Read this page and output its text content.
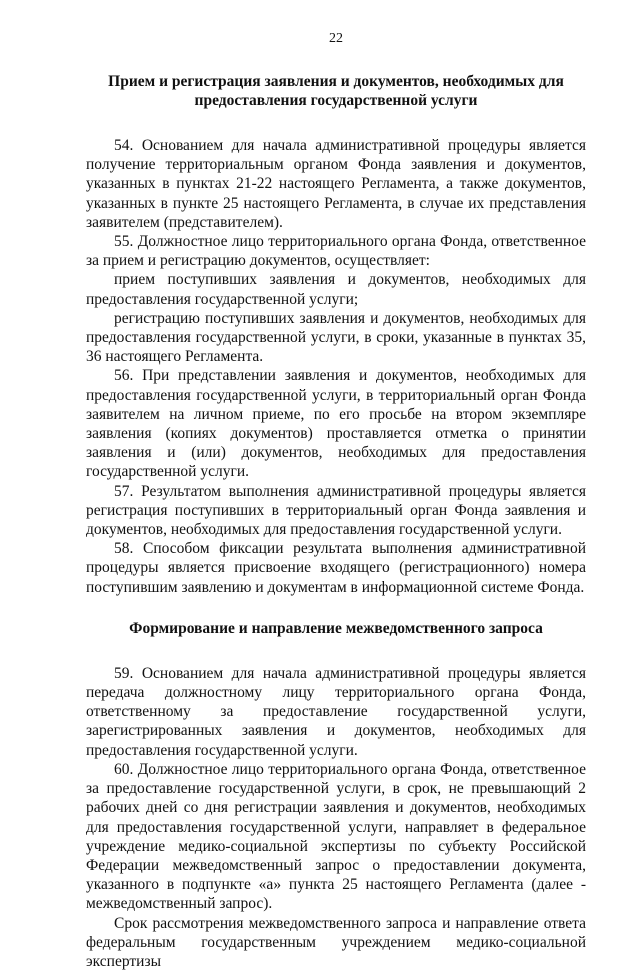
22
Прием и регистрация заявления и документов, необходимых для
предоставления государственной услуги

54. Основанием для начала административной процедуры является получение территориальным органом Фонда заявления и документов, указанных в пунктах 21-22 настоящего Регламента, а также документов, указанных в пункте 25 настоящего Регламента, в случае их представления заявителем (представителем).

55. Должностное лицо территориального органа Фонда, ответственное за прием и регистрацию документов, осуществляет:

прием поступивших заявления и документов, необходимых для предоставления государственной услуги;

регистрацию поступивших заявления и документов, необходимых для предоставления государственной услуги, в сроки, указанные в пунктах 35, 36 настоящего Регламента.

56. При представлении заявления и документов, необходимых для предоставления государственной услуги, в территориальный орган Фонда заявителем на личном приеме, по его просьбе на втором экземпляре заявления (копиях документов) проставляется отметка о принятии заявления и (или) документов, необходимых для предоставления государственной услуги.

57. Результатом выполнения административной процедуры является регистрация поступивших в территориальный орган Фонда заявления и документов, необходимых для предоставления государственной услуги.

58. Способом фиксации результата выполнения административной процедуры является присвоение входящего (регистрационного) номера поступившим заявлению и документам в информационной системе Фонда.

Формирование и направление межведомственного запроса

59. Основанием для начала административной процедуры является передача должностному лицу территориального органа Фонда, ответственному за предоставление государственной услуги, зарегистрированных заявления и документов, необходимых для предоставления государственной услуги.

60. Должностное лицо территориального органа Фонда, ответственное за предоставление государственной услуги, в срок, не превышающий 2 рабочих дней со дня регистрации заявления и документов, необходимых для предоставления государственной услуги, направляет в федеральное учреждение медико-социальной экспертизы по субъекту Российской Федерации межведомственный запрос о предоставлении документа, указанного в подпункте «а» пункта 25 настоящего Регламента (далее - межведомственный запрос).

Срок рассмотрения межведомственного запроса и направление ответа федеральным государственным учреждением медико-социальной экспертизы
